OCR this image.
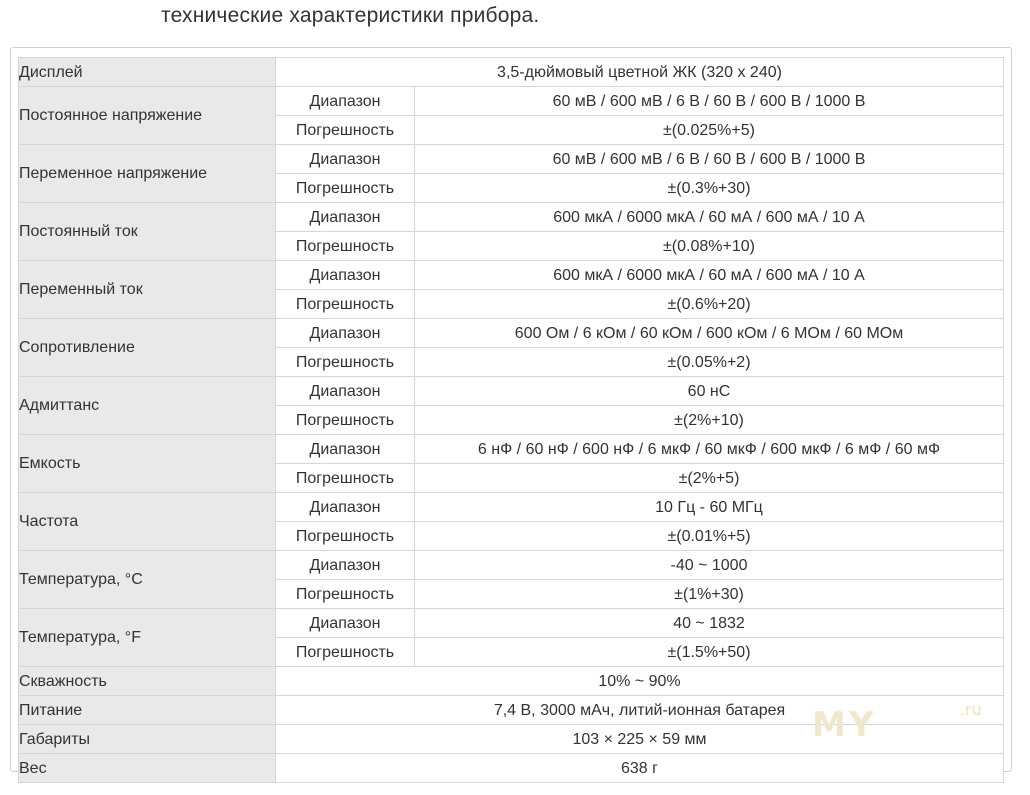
технические характеристики прибора.
Дисплей	3,5-дюймовый цветной ЖК (320 x 240)	
Постоянное напряжение	Диапазон	60 мВ / 600 мВ / 6 В / 60 В / 600 В / 1000 В
	Погрешность	±(0.025%+5)
Переменное напряжение	Диапазон	60 мВ / 600 мВ / 6 В / 60 В / 600 В / 1000 В
	Погрешность	±(0.3%+30)
Постоянный ток	Диапазон	600 мкА / 6000 мкА / 60 мА / 600 мА / 10 А
	Погрешность	±(0.08%+10)
Переменный ток	Диапазон	600 мкА / 6000 мкА / 60 мА / 600 мА / 10 А
	Погрешность	±(0.6%+20)
Сопротивление	Диапазон	600 Ом / 6 кОм / 60 кОм / 600 кОм / 6 МОм / 60 МОм
	Погрешность	±(0.05%+2)
Адмиттанс	Диапазон	60 нС
	Погрешность	±(2%+10)
Емкость	Диапазон	6 нФ / 60 нФ / 600 нФ / 6 мкФ / 60 мкФ / 600 мкФ / 6 мФ / 60 мФ
	Погрешность	±(2%+5)
Частота	Диапазон	10 Гц - 60 МГц
	Погрешность	±(0.01%+5)
Температура, °C	Диапазон	-40 ~ 1000
	Погрешность	±(1%+30)
Температура, °F	Диапазон	40 ~ 1832
	Погрешность	±(1.5%+50)
Скважность	10% ~ 90%	
Питание	7,4 В, 3000 мАч, литий-ионная батарея	
Габариты	103 × 225 × 59 мм	
Вес	638 г	
MY	.ru
